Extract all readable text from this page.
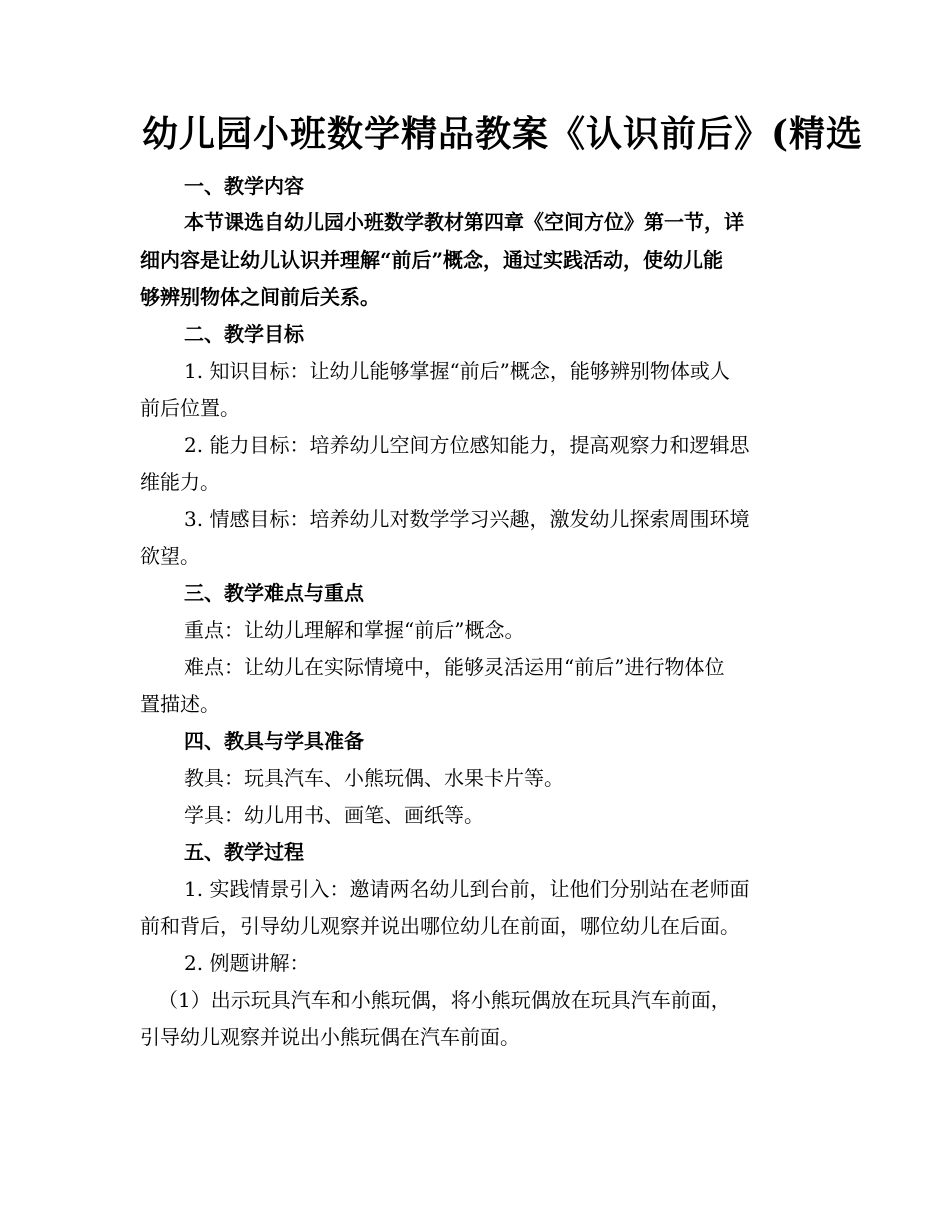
幼儿园小班数学精品教案《认识前后》(精选
一、教学内容
本节课选自幼儿园小班数学教材第四章《空间方位》第一节，详
细内容是让幼儿认识并理解“前后”概念，通过实践活动，使幼儿能
够辨别物体之间前后关系。
二、教学目标
1. 知识目标：让幼儿能够掌握“前后”概念，能够辨别物体或人
前后位置。
2. 能力目标：培养幼儿空间方位感知能力，提高观察力和逻辑思
维能力。
3. 情感目标：培养幼儿对数学学习兴趣，激发幼儿探索周围环境
欲望。
三、教学难点与重点
重点：让幼儿理解和掌握“前后”概念。
难点：让幼儿在实际情境中，能够灵活运用“前后”进行物体位
置描述。
四、教具与学具准备
教具：玩具汽车、小熊玩偶、水果卡片等。
学具：幼儿用书、画笔、画纸等。
五、教学过程
1. 实践情景引入：邀请两名幼儿到台前，让他们分别站在老师面
前和背后，引导幼儿观察并说出哪位幼儿在前面，哪位幼儿在后面。
2. 例题讲解：
（1）出示玩具汽车和小熊玩偶，将小熊玩偶放在玩具汽车前面，
引导幼儿观察并说出小熊玩偶在汽车前面。
